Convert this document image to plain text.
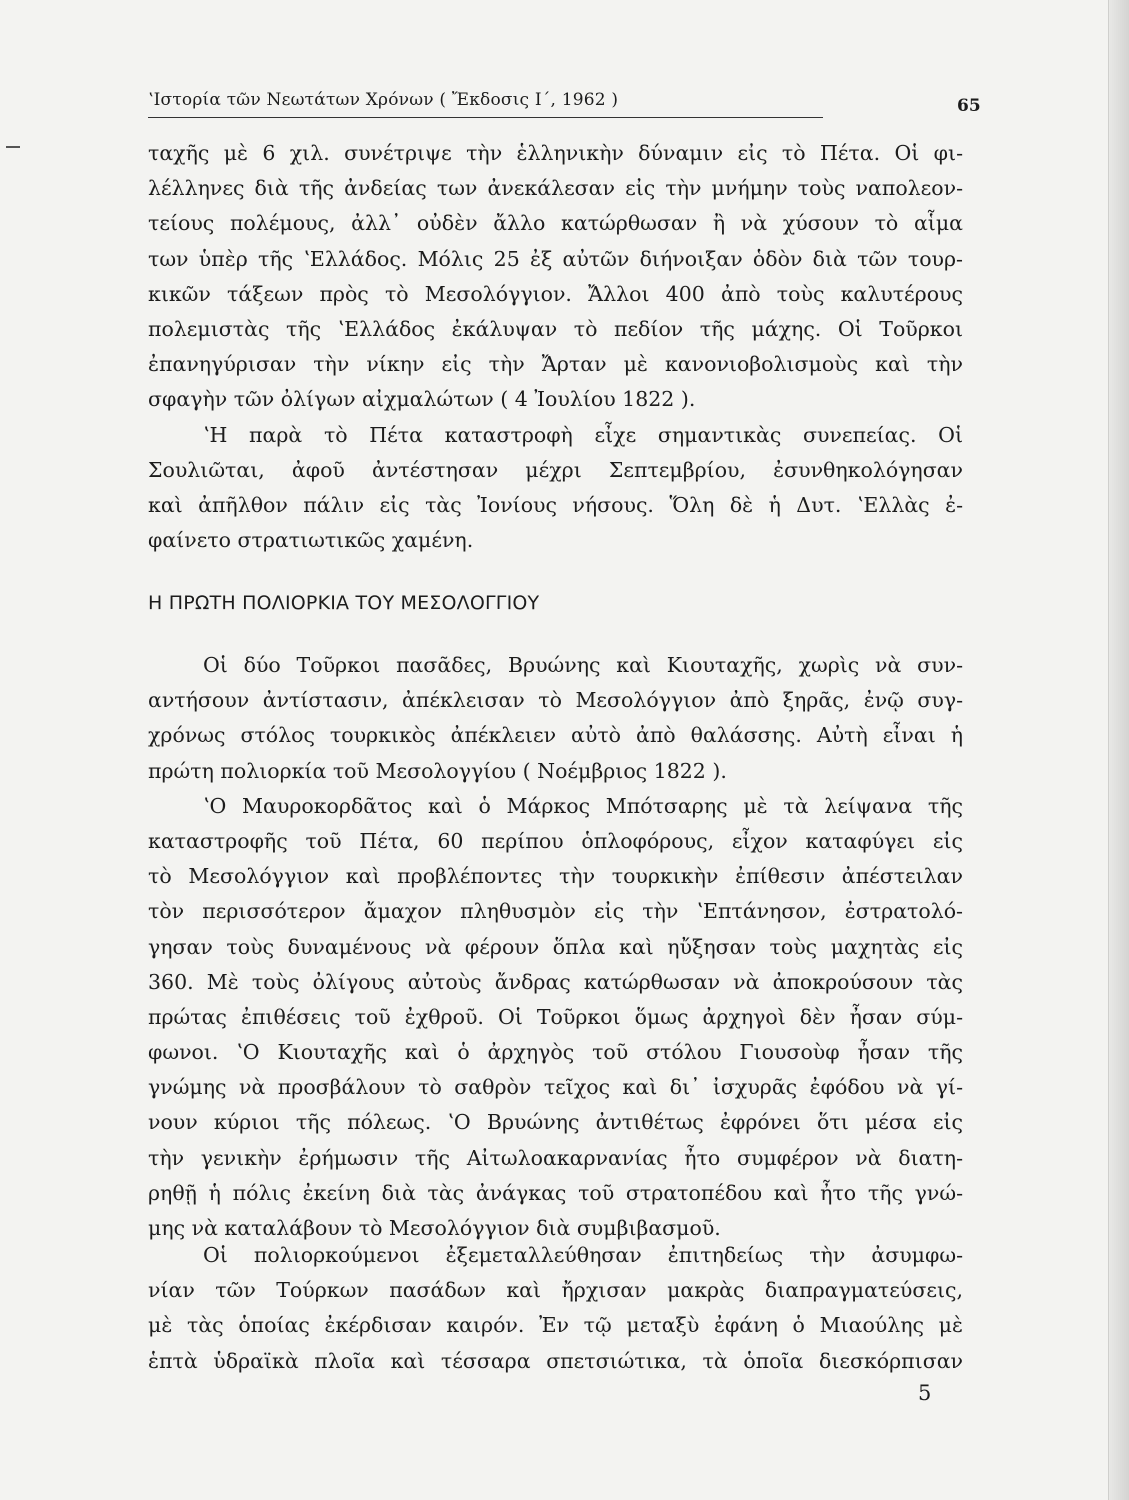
ʽΙστορία τῶν Νεωτάτων Χρόνων ( Ἔκδοσις Ι΄, 1962 )	65
ταχῆς μὲ 6 χιλ. συνέτριψε τὴν ἑλληνικὴν δύναμιν εἰς τὸ Πέτα. Οἱ φι-
λέλληνες διὰ τῆς ἀνδείας των ἀνεκάλεσαν εἰς τὴν μνήμην τοὺς ναπολεον-
τείους πολέμους, ἀλλ᾿ οὐδὲν ἄλλο κατώρθωσαν ἢ νὰ χύσουν τὸ αἷμα
των ὑπὲρ τῆς ʽΕλλάδος. Μόλις 25 ἐξ αὐτῶν διήνοιξαν ὁδὸν διὰ τῶν τουρ-
κικῶν τάξεων πρὸς τὸ Μεσολόγγιον. Ἄλλοι 400 ἀπὸ τοὺς καλυτέρους
πολεμιστὰς τῆς ʽΕλλάδος ἐκάλυψαν τὸ πεδίον τῆς μάχης. Οἱ Τοῦρκοι
ἐπανηγύρισαν τὴν νίκην εἰς τὴν Ἄρταν μὲ κανονιοβολισμοὺς καὶ τὴν
σφαγὴν τῶν ὀλίγων αἰχμαλώτων ( 4 Ἰουλίου 1822 ).
ʽΗ παρὰ τὸ Πέτα καταστροφὴ εἶχε σημαντικὰς συνεπείας. Οἱ
Σουλιῶται, ἀφοῦ ἀντέστησαν μέχρι Σεπτεμβρίου, ἐσυνθηκολόγησαν
καὶ ἀπῆλθον πάλιν εἰς τὰς Ἰονίους νήσους. Ὅλη δὲ ἡ Δυτ. ʽΕλλὰς ἐ-
φαίνετο στρατιωτικῶς χαμένη.
Η ΠΡΩΤΗ ΠΟΛΙΟΡΚΙΑ ΤΟΥ ΜΕΣΟΛΟΓΓΙΟΥ
Οἱ δύο Τοῦρκοι πασᾶδες, Βρυώνης καὶ Κιουταχῆς, χωρὶς νὰ συν-
αντήσουν ἀντίστασιν, ἀπέκλεισαν τὸ Μεσολόγγιον ἀπὸ ξηρᾶς, ἐνῷ συγ-
χρόνως στόλος τουρκικὸς ἀπέκλειεν αὐτὸ ἀπὸ θαλάσσης. Αὐτὴ εἶναι ἡ
πρώτη πολιορκία τοῦ Μεσολογγίου ( Νοέμβριος 1822 ).
ʽΟ Μαυροκορδᾶτος καὶ ὁ Μάρκος Μπότσαρης μὲ τὰ λείψανα τῆς
καταστροφῆς τοῦ Πέτα, 60 περίπου ὁπλοφόρους, εἶχον καταφύγει εἰς
τὸ Μεσολόγγιον καὶ προβλέποντες τὴν τουρκικὴν ἐπίθεσιν ἀπέστειλαν
τὸν περισσότερον ἄμαχον πληθυσμὸν εἰς τὴν ʽΕπτάνησον, ἐστρατολό-
γησαν τοὺς δυναμένους νὰ φέρουν ὅπλα καὶ ηὔξησαν τοὺς μαχητὰς εἰς
360. Μὲ τοὺς ὀλίγους αὐτοὺς ἄνδρας κατώρθωσαν νὰ ἀποκρούσουν τὰς
πρώτας ἐπιθέσεις τοῦ ἐχθροῦ. Οἱ Τοῦρκοι ὅμως ἀρχηγοὶ δὲν ἦσαν σύμ-
φωνοι. ʽΟ Κιουταχῆς καὶ ὁ ἀρχηγὸς τοῦ στόλου Γιουσοὺφ ἦσαν τῆς
γνώμης νὰ προσβάλουν τὸ σαθρὸν τεῖχος καὶ δι᾿ ἰσχυρᾶς ἐφόδου νὰ γί-
νουν κύριοι τῆς πόλεως. ʽΟ Βρυώνης ἀντιθέτως ἐφρόνει ὅτι μέσα εἰς
τὴν γενικὴν ἐρήμωσιν τῆς Αἰτωλοακαρνανίας ἦτο συμφέρον νὰ διατη-
ρηθῇ ἡ πόλις ἐκείνη διὰ τὰς ἀνάγκας τοῦ στρατοπέδου καὶ ἦτο τῆς γνώ-
μης νὰ καταλάβουν τὸ Μεσολόγγιον διὰ συμβιβασμοῦ.
Οἱ πολιορκούμενοι ἐξεμεταλλεύθησαν ἐπιτηδείως τὴν ἀσυμφω-
νίαν τῶν Τούρκων πασάδων καὶ ἤρχισαν μακρὰς διαπραγματεύσεις,
μὲ τὰς ὁποίας ἐκέρδισαν καιρόν. Ἐν τῷ μεταξὺ ἐφάνη ὁ Μιαούλης μὲ
ἑπτὰ ὑδραϊκὰ πλοῖα καὶ τέσσαρα σπετσιώτικα, τὰ ὁποῖα διεσκόρπισαν
5
